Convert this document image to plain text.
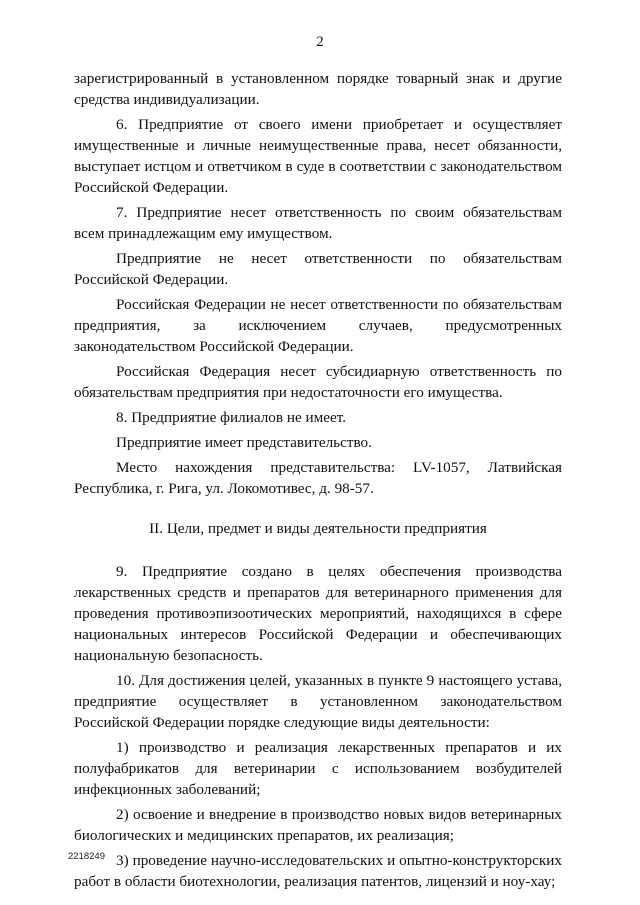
2

зарегистрированный в установленном порядке товарный знак и другие средства индивидуализации.

6. Предприятие от своего имени приобретает и осуществляет имущественные и личные неимущественные права, несет обязанности, выступает истцом и ответчиком в суде в соответствии с законодательством Российской Федерации.

7. Предприятие несет ответственность по своим обязательствам всем принадлежащим ему имуществом.

Предприятие не несет ответственности по обязательствам Российской Федерации.

Российская Федерации не несет ответственности по обязательствам предприятия, за исключением случаев, предусмотренных законодательством Российской Федерации.

Российская Федерация несет субсидиарную ответственность по обязательствам предприятия при недостаточности его имущества.

8. Предприятие филиалов не имеет.

Предприятие имеет представительство.

Место нахождения представительства: LV-1057, Латвийская Республика, г. Рига, ул. Локомотивес, д. 98-57.

II. Цели, предмет и виды деятельности предприятия

9. Предприятие создано в целях обеспечения производства лекарственных средств и препаратов для ветеринарного применения для проведения противоэпизоотических мероприятий, находящихся в сфере национальных интересов Российской Федерации и обеспечивающих национальную безопасность.

10. Для достижения целей, указанных в пункте 9 настоящего устава, предприятие осуществляет в установленном законодательством Российской Федерации порядке следующие виды деятельности:

1) производство и реализация лекарственных препаратов и их полуфабрикатов для ветеринарии с использованием возбудителей инфекционных заболеваний;

2) освоение и внедрение в производство новых видов ветеринарных биологических и медицинских препаратов, их реализация;

3) проведение научно-исследовательских и опытно-конструкторских работ в области биотехнологии, реализация патентов, лицензий и ноу-хау;

2218249
